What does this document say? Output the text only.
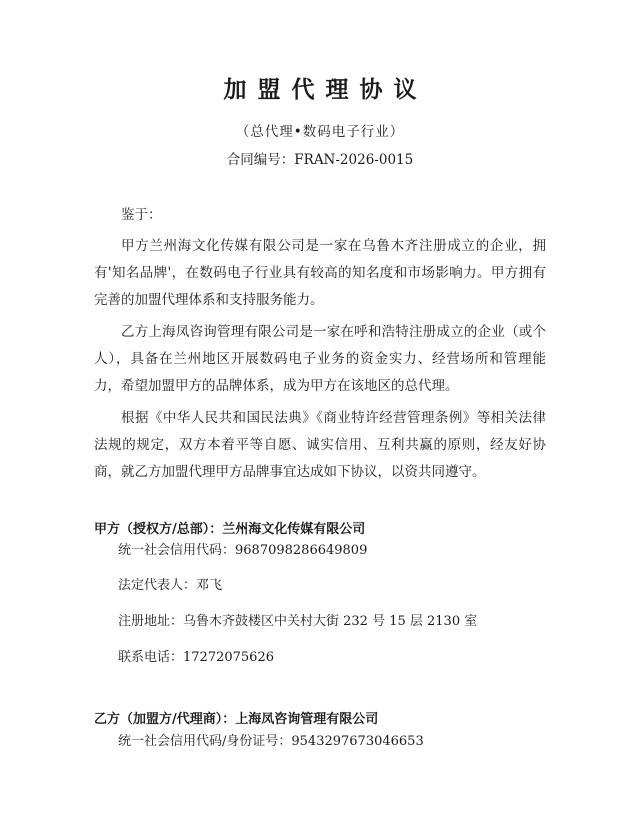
加盟代理协议
（总代理•数码电子行业）
合同编号：FRAN-2026-0015
鉴于：

甲方兰州海文化传媒有限公司是一家在乌鲁木齐注册成立的企业，拥有'知名品牌'，在数码电子行业具有较高的知名度和市场影响力。甲方拥有完善的加盟代理体系和支持服务能力。

乙方上海凤咨询管理有限公司是一家在呼和浩特注册成立的企业（或个人），具备在兰州地区开展数码电子业务的资金实力、经营场所和管理能力，希望加盟甲方的品牌体系，成为甲方在该地区的总代理。

根据《中华人民共和国民法典》《商业特许经营管理条例》等相关法律法规的规定，双方本着平等自愿、诚实信用、互利共赢的原则，经友好协商，就乙方加盟代理甲方品牌事宜达成如下协议，以资共同遵守。

甲方（授权方/总部）：兰州海文化传媒有限公司
统一社会信用代码：9687098286649809
法定代表人：邓飞
注册地址：乌鲁木齐鼓楼区中关村大街 232 号 15 层 2130 室
联系电话：17272075626
乙方（加盟方/代理商）：上海凤咨询管理有限公司
统一社会信用代码/身份证号：9543297673046653
